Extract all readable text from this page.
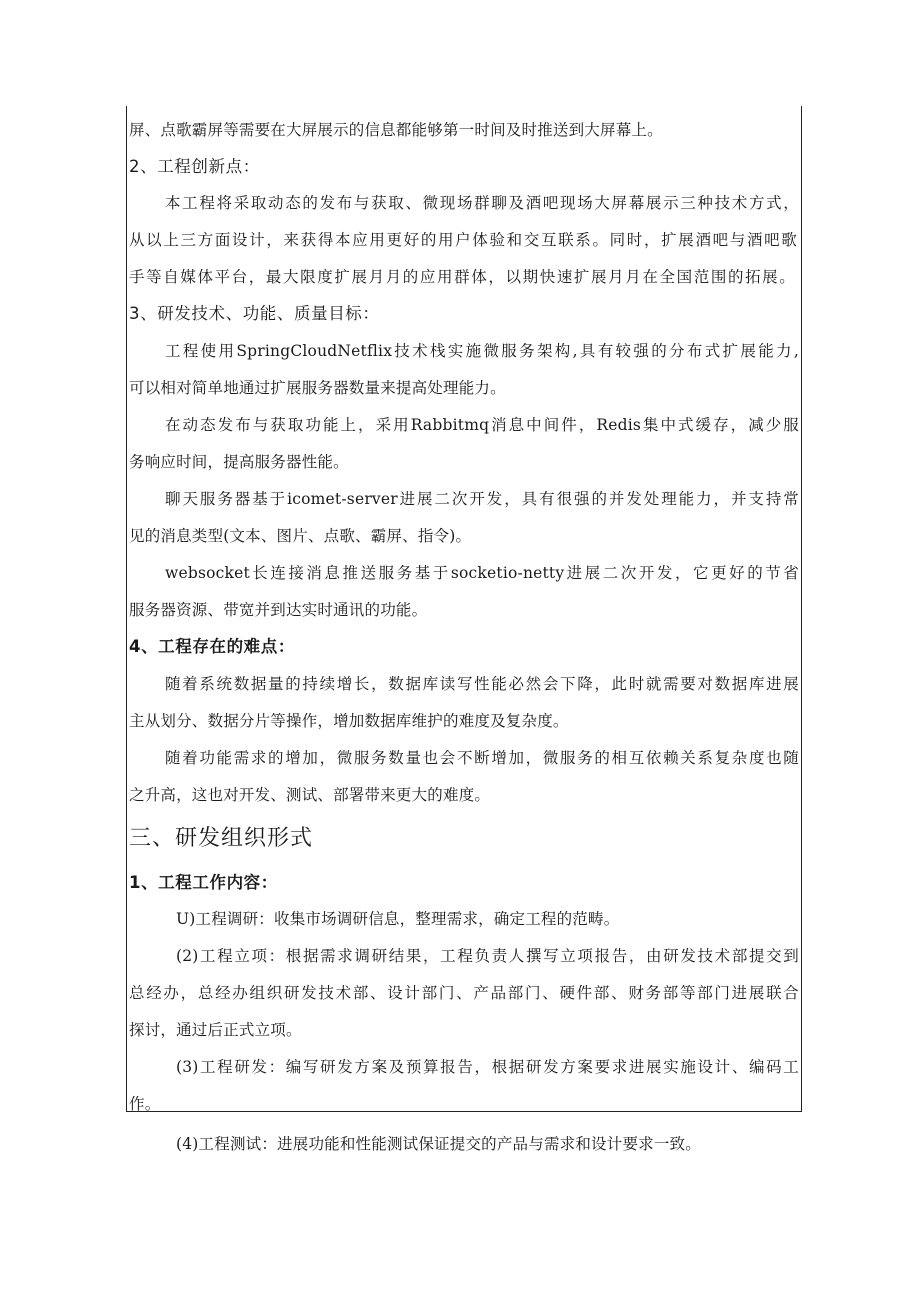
屏、点歌霸屏等需要在大屏展示的信息都能够第一时间及时推送到大屏幕上。
2、工程创新点：
本工程将采取动态的发布与获取、微现场群聊及酒吧现场大屏幕展示三种技术方式，
从以上三方面设计，来获得本应用更好的用户体验和交互联系。同时，扩展酒吧与酒吧歌
手等自媒体平台，最大限度扩展月月的应用群体，以期快速扩展月月在全国范围的拓展。
3、研发技术、功能、质量目标：
工程使用SpringCloudNetflix技术栈实施微服务架构,具有较强的分布式扩展能力,
可以相对简单地通过扩展服务器数量来提高处理能力。
在动态发布与获取功能上，采用Rabbitmq消息中间件，Redis集中式缓存，减少服
务响应时间，提高服务器性能。
聊天服务器基于icomet-server进展二次开发，具有很强的并发处理能力，并支持常
见的消息类型(文本、图片、点歌、霸屏、指令)。
websocket长连接消息推送服务基于socketio-netty进展二次开发，它更好的节省
服务器资源、带宽并到达实时通讯的功能。
4、工程存在的难点：
随着系统数据量的持续增长，数据库读写性能必然会下降，此时就需要对数据库进展
主从划分、数据分片等操作，增加数据库维护的难度及复杂度。
随着功能需求的增加，微服务数量也会不断增加，微服务的相互依赖关系复杂度也随
之升高，这也对开发、测试、部署带来更大的难度。
三、研发组织形式
1、工程工作内容：
U)工程调研：收集市场调研信息，整理需求，确定工程的范畴。
(2)工程立项：根据需求调研结果，工程负责人撰写立项报告，由研发技术部提交到
总经办，总经办组织研发技术部、设计部门、产品部门、硬件部、财务部等部门进展联合
探讨，通过后正式立项。
(3)工程研发：编写研发方案及预算报告，根据研发方案要求进展实施设计、编码工
作。
(4)工程测试：进展功能和性能测试保证提交的产品与需求和设计要求一致。
